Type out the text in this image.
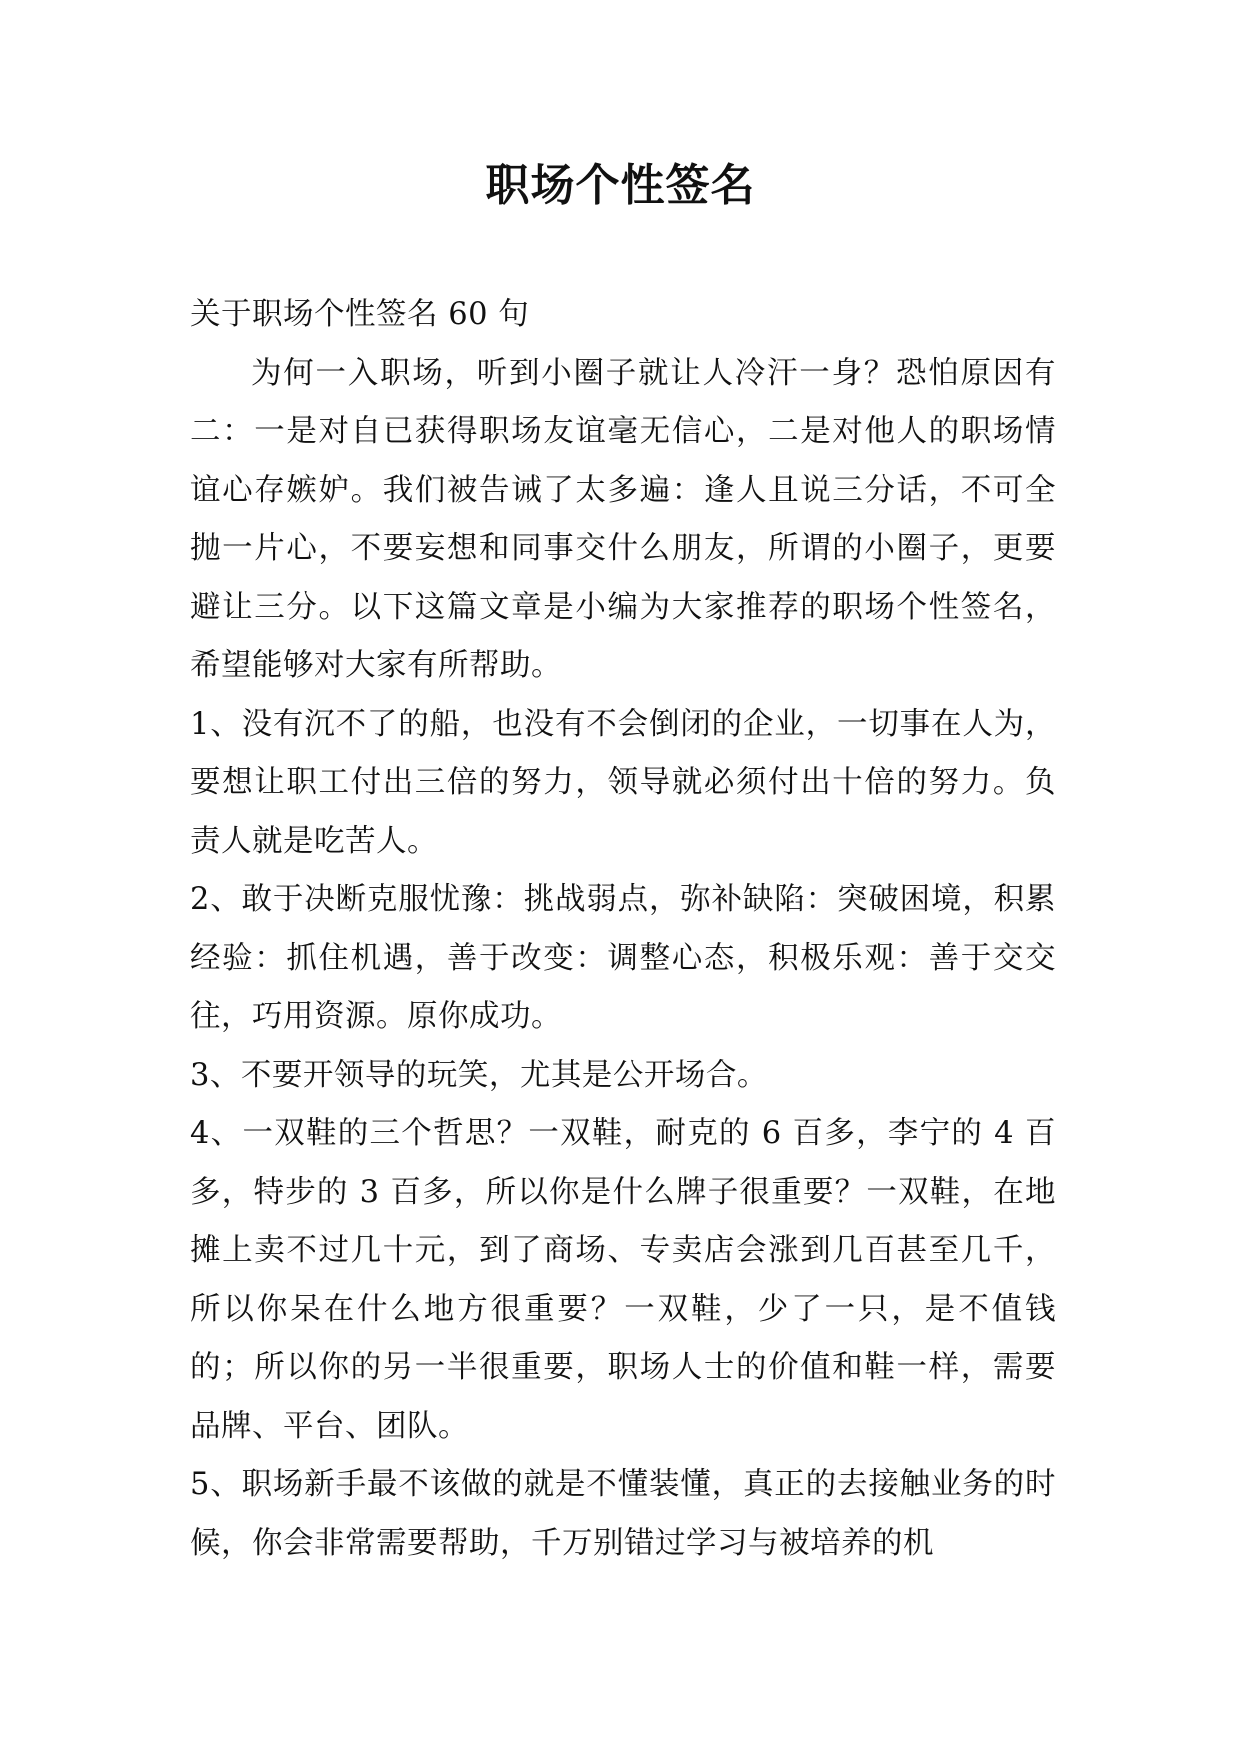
职场个性签名

关于职场个性签名 60 句

为何一入职场，听到小圈子就让人冷汗一身？恐怕原因有二：一是对自已获得职场友谊毫无信心，二是对他人的职场情谊心存嫉妒。我们被告诫了太多遍：逢人且说三分话，不可全抛一片心，不要妄想和同事交什么朋友，所谓的小圈子，更要避让三分。以下这篇文章是小编为大家推荐的职场个性签名，希望能够对大家有所帮助。

1、没有沉不了的船，也没有不会倒闭的企业，一切事在人为，要想让职工付出三倍的努力，领导就必须付出十倍的努力。负责人就是吃苦人。

2、敢于决断克服忧豫：挑战弱点，弥补缺陷：突破困境，积累经验：抓住机遇，善于改变：调整心态，积极乐观：善于交交往，巧用资源。原你成功。

3、不要开领导的玩笑，尤其是公开场合。

4、一双鞋的三个哲思？一双鞋，耐克的 6 百多，李宁的 4 百多，特步的 3 百多，所以你是什么牌子很重要？一双鞋，在地摊上卖不过几十元，到了商场、专卖店会涨到几百甚至几千，所以你呆在什么地方很重要？一双鞋，少了一只，是不值钱的；所以你的另一半很重要，职场人士的价值和鞋一样，需要品牌、平台、团队。

5、职场新手最不该做的就是不懂装懂，真正的去接触业务的时候，你会非常需要帮助，千万别错过学习与被培养的机
